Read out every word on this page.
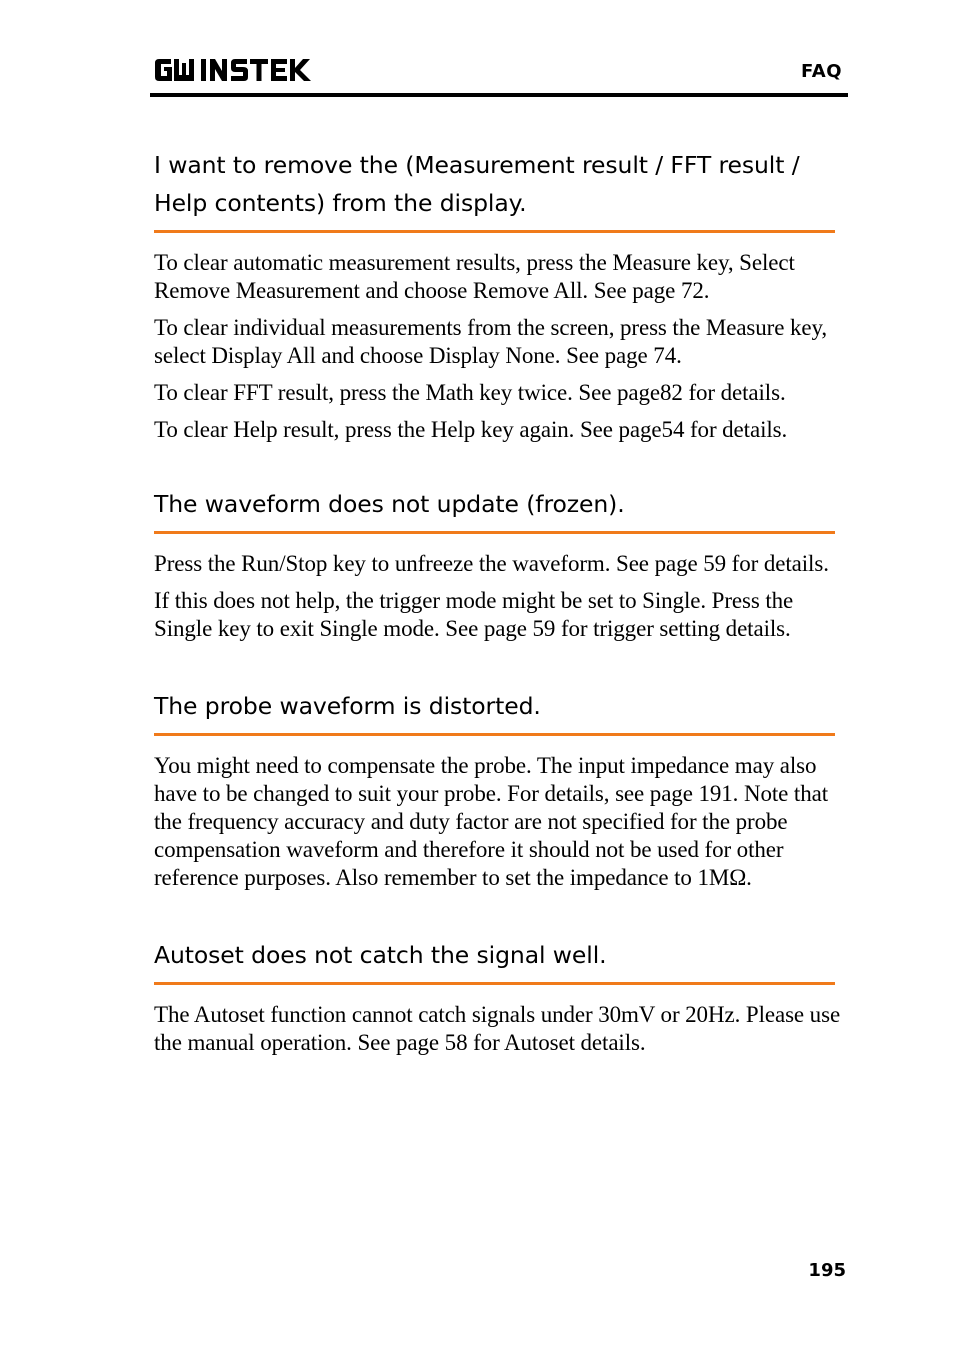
FAQ
I want to remove the (Measurement result / FFT result / Help contents) from the display.

To clear automatic measurement results, press the Measure key, Select Remove Measurement and choose Remove All. See page 72.

To clear individual measurements from the screen, press the Measure key, select Display All and choose Display None. See page 74.

To clear FFT result, press the Math key twice. See page82 for details.

To clear Help result, press the Help key again. See page54 for details.

The waveform does not update (frozen).

Press the Run/Stop key to unfreeze the waveform. See page 59 for details.

If this does not help, the trigger mode might be set to Single. Press the Single key to exit Single mode. See page 59 for trigger setting details.

The probe waveform is distorted.

You might need to compensate the probe. The input impedance may also have to be changed to suit your probe. For details, see page 191. Note that the frequency accuracy and duty factor are not specified for the probe compensation waveform and therefore it should not be used for other reference purposes. Also remember to set the impedance to 1MΩ.

Autoset does not catch the signal well.

The Autoset function cannot catch signals under 30mV or 20Hz. Please use the manual operation. See page 58 for Autoset details.

195
